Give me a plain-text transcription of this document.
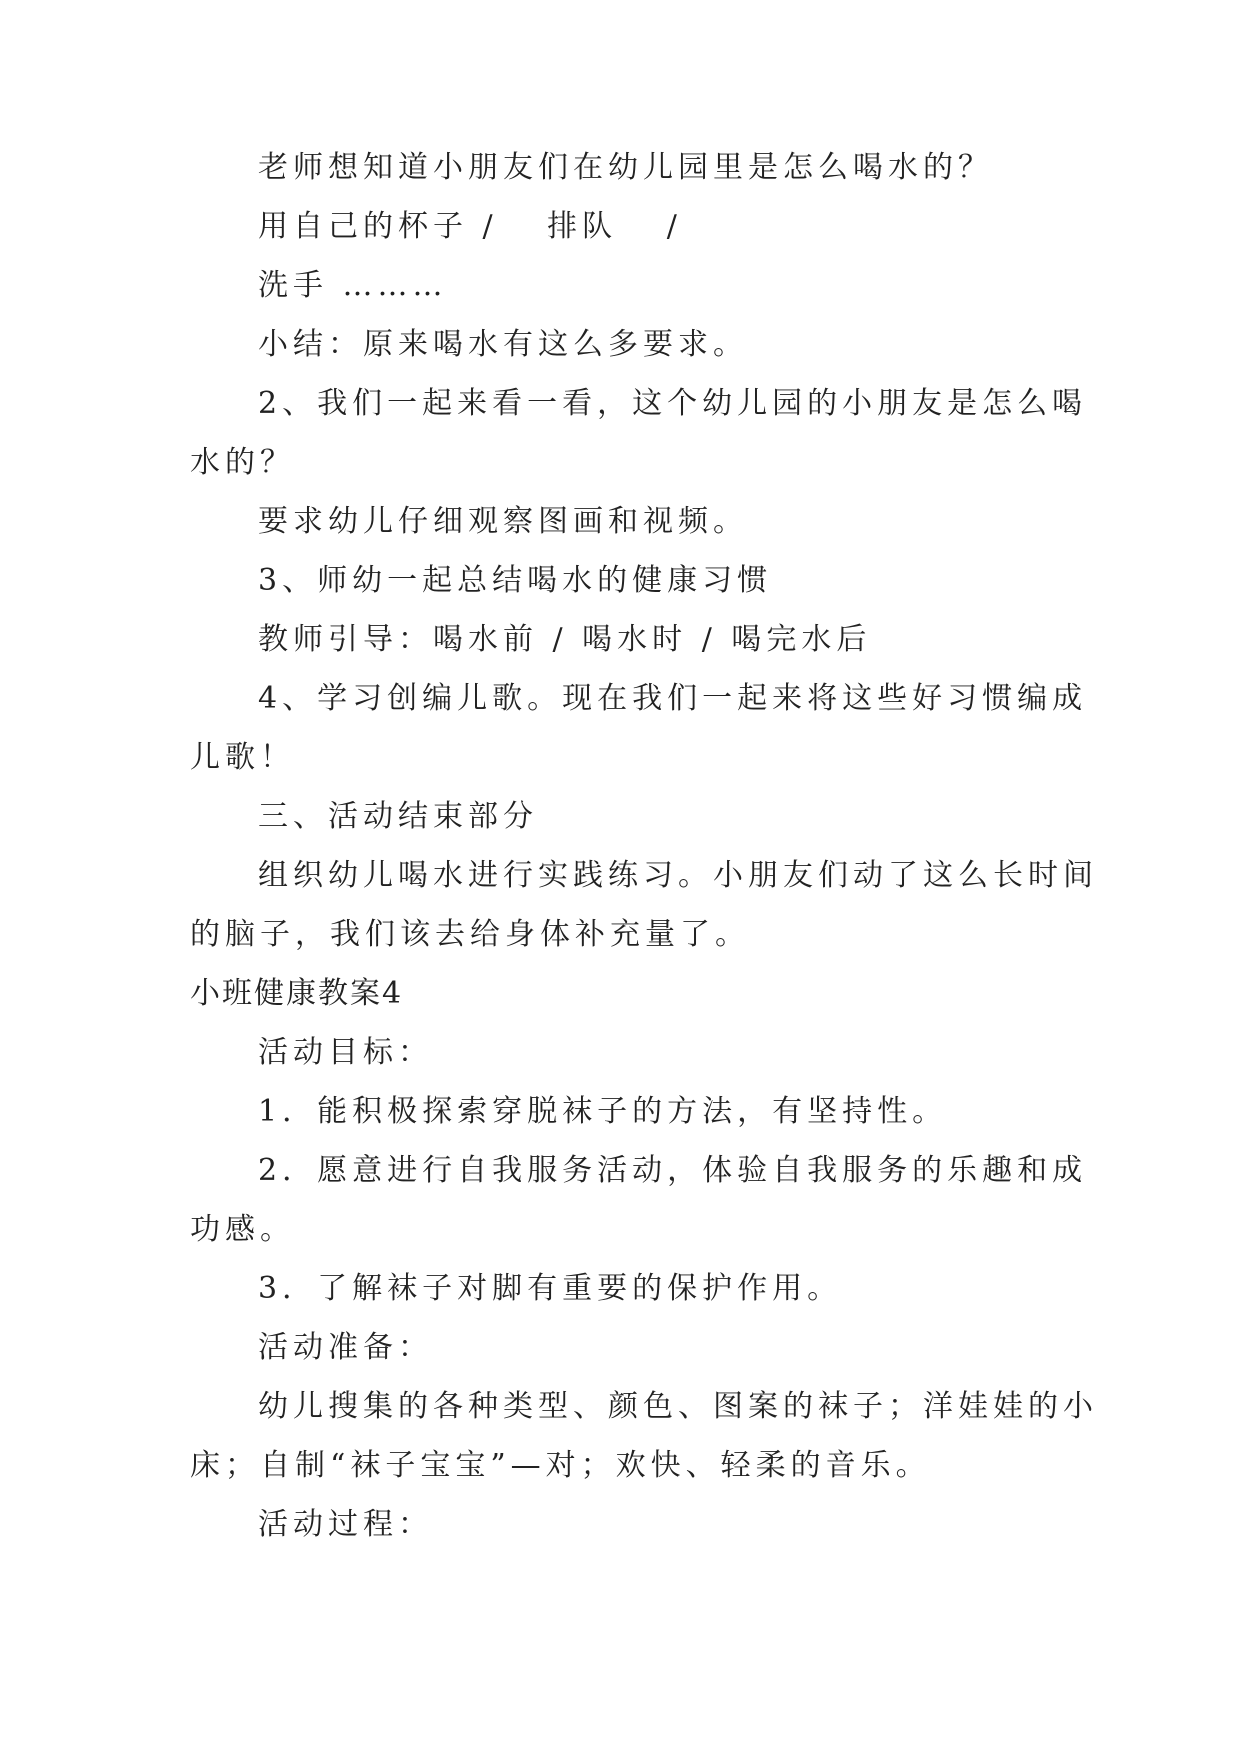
老师想知道小朋友们在幼儿园里是怎么喝水的？
用自己的杯子 /　 排队　 /
洗手 ………
小结：原来喝水有这么多要求。
2、我们一起来看一看，这个幼儿园的小朋友是怎么喝
水的？
要求幼儿仔细观察图画和视频。
3、师幼一起总结喝水的健康习惯
教师引导：喝水前 / 喝水时 / 喝完水后
4、学习创编儿歌。现在我们一起来将这些好习惯编成
儿歌！
三、活动结束部分
组织幼儿喝水进行实践练习。小朋友们动了这么长时间
的脑子，我们该去给身体补充量了。
小班健康教案4
活动目标：
1．能积极探索穿脱袜子的方法，有坚持性。
2．愿意进行自我服务活动，体验自我服务的乐趣和成
功感。
3．了解袜子对脚有重要的保护作用。
活动准备：
幼儿搜集的各种类型、颜色、图案的袜子；洋娃娃的小
床；自制“袜子宝宝”—对；欢快、轻柔的音乐。
活动过程：
